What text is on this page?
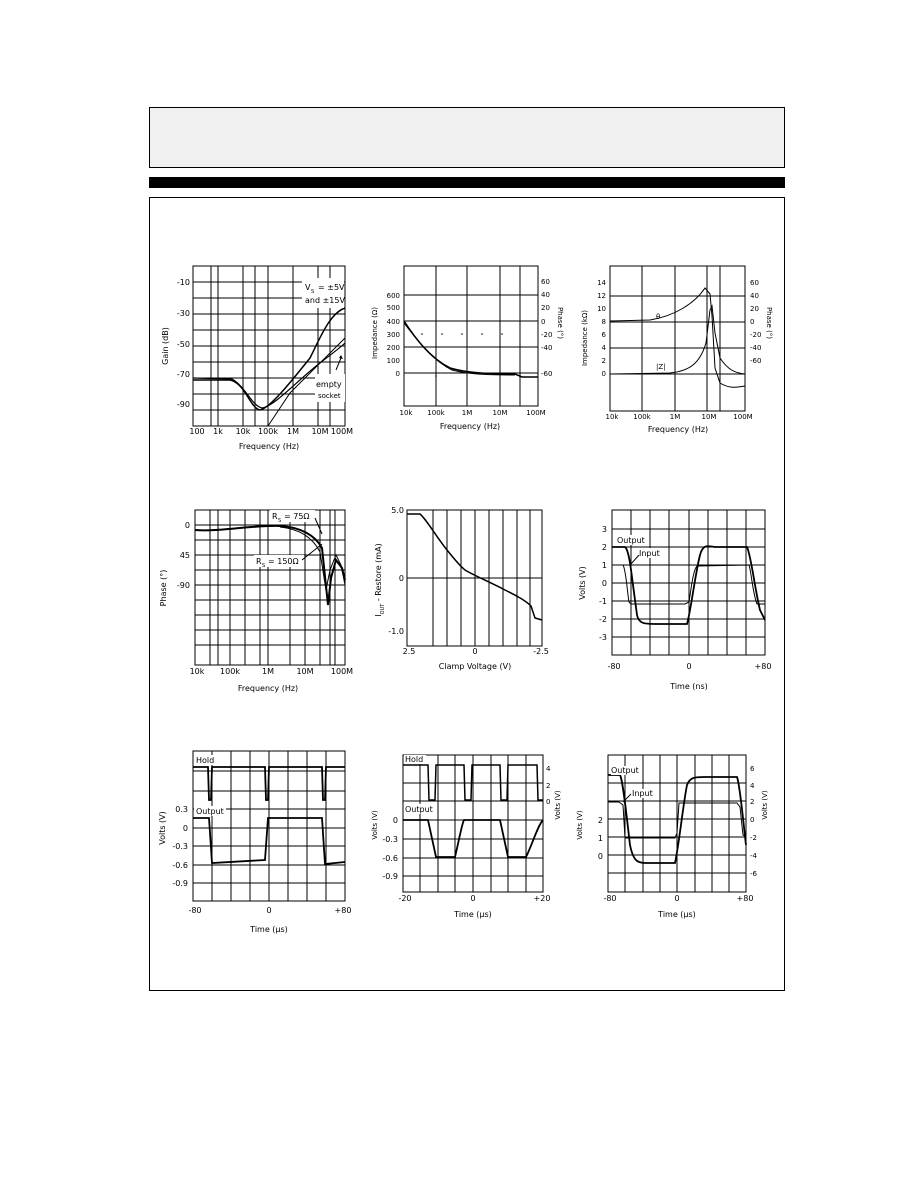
-10
-30
-50
-70
-90
100 1k 10k 100k 1M 10M 100M
Frequency (Hz)
Gain (dB)
V S = ±5V
and ±15V
empty
socket
600
500
400
300
200
100
0
60
40
20
0
-20
-40
-60
10k 100k 1M	10M	100M
Frequency (Hz)
Impedance (Ω)	Phase (°)	θ
|Z|
14
12
10
8
6
4
2
0
60
40
20
0
-20
-40
-60
10k 100k	1M	10M 100M
Frequency (Hz)
Impedance (kΩ)	Phase (°)
R S = 75Ω
R S = 150Ω
0
45
-90
10k 100k	1M	10M 100M
Frequency (Hz)
Phase (°)
5.0
0
-1.0
2.5	0	-2.5
Clamp Voltage (V)
$I_{OUT}$ - Restore (mA)
Output
Input
3
2
1
0
-1
-2
-3
-80	0	+80
Time (ns)
Volts (V)
Hold
Output
0.3
0
-0.3
-0.6
-0.9
-80	0	+80
Time (μs)
Volts (V)
Hold
Output
0
-0.3
-0.6
-0.9
4
2
0
-20	0	+20
Time (μs)
Volts (V)
Volts (V)
Output
Input
2
1
0
6
4
2
0
-2
-4
-6
-80	0	+80
Time (μs)
Volts (V)
Volts (V)
